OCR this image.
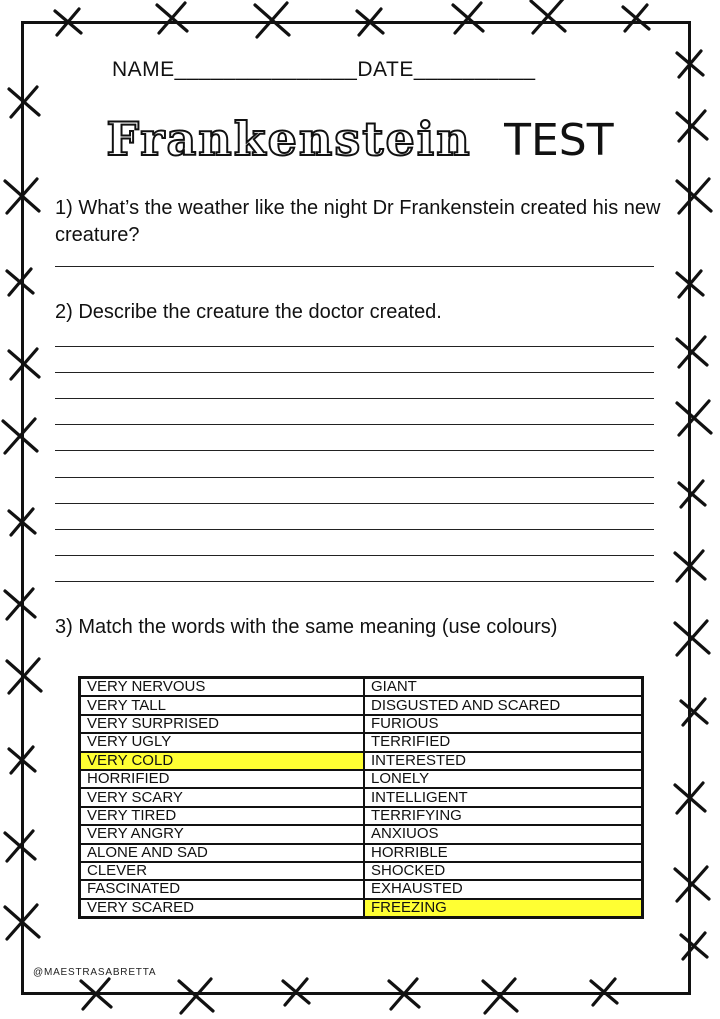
NAME_______________DATE__________
Frankenstein TEST
1) What’s the weather like the night Dr Frankenstein created his new creature?
2) Describe the creature the doctor created.
3) Match the words with the same meaning (use colours)
VERY NERVOUS	GIANT
VERY TALL	DISGUSTED AND SCARED
VERY SURPRISED	FURIOUS
VERY UGLY	TERRIFIED
VERY COLD	INTERESTED
HORRIFIED	LONELY
VERY SCARY	INTELLIGENT
VERY TIRED	TERRIFYING
VERY ANGRY	ANXIUOS
ALONE AND SAD	HORRIBLE
CLEVER	SHOCKED
FASCINATED	EXHAUSTED
VERY SCARED	FREEZING
@MAESTRASABRETTA
